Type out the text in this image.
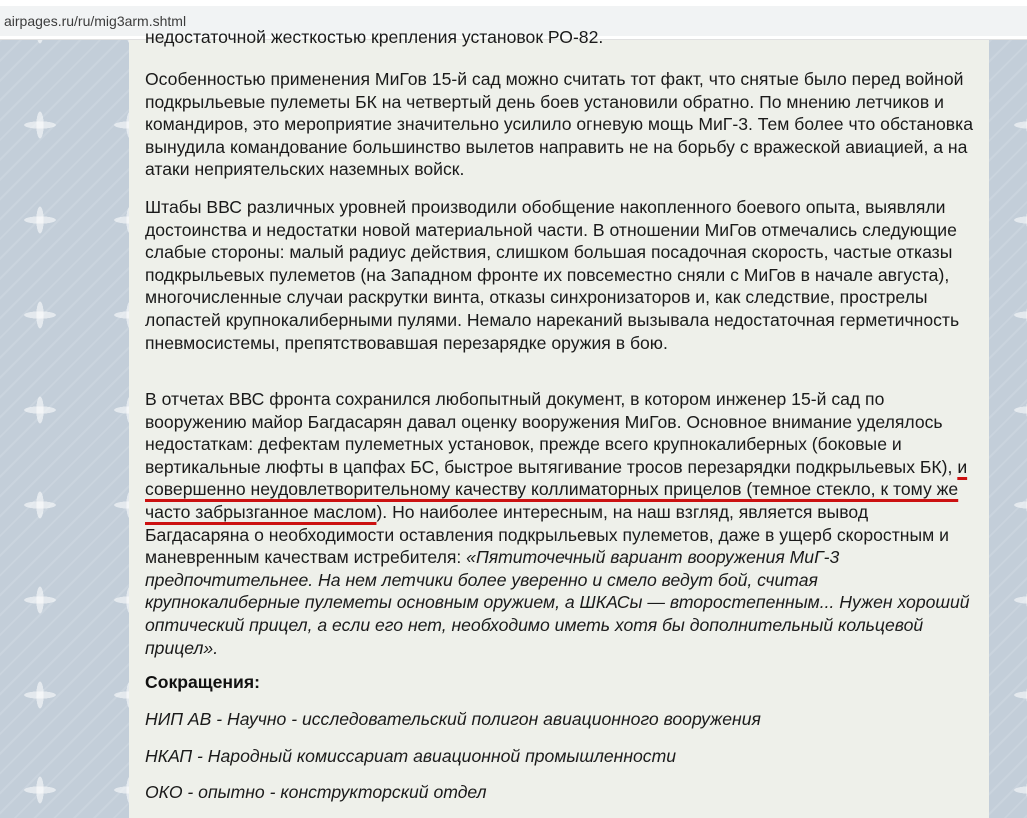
airpages.ru/ru/mig3arm.shtml
недостаточной жесткостью крепления установок РО-82.

Особенностью применения МиГов 15-й сад можно считать тот факт, что снятые было перед войной подкрыльевые пулеметы БК на четвертый день боев установили обратно. По мнению летчиков и командиров, это мероприятие значительно усилило огневую мощь МиГ-3. Тем более что обстановка вынудила командование большинство вылетов направить не на борьбу с вражеской авиацией, а на атаки неприятельских наземных войск.

Штабы ВВС различных уровней производили обобщение накопленного боевого опыта, выявляли достоинства и недостатки новой материальной части. В отношении МиГов отмечались следующие слабые стороны: малый радиус действия, слишком большая посадочная скорость, частые отказы подкрыльевых пулеметов (на Западном фронте их повсеместно сняли с МиГов в начале августа), многочисленные случаи раскрутки винта, отказы синхронизаторов и, как следствие, прострелы лопастей крупнокалиберными пулями. Немало нареканий вызывала недостаточная герметичность пневмосистемы, препятствовавшая перезарядке оружия в бою.

В отчетах ВВС фронта сохранился любопытный документ, в котором инженер 15-й сад по вооружению майор Багдасарян давал оценку вооружения МиГов. Основное внимание уделялось недостаткам: дефектам пулеметных установок, прежде всего крупнокалиберных (боковые и вертикальные люфты в цапфах БС, быстрое вытягивание тросов перезарядки подкрыльевых БК), и совершенно неудовлетворительному качеству коллиматорных прицелов (темное стекло, к тому же часто забрызганное маслом). Но наиболее интересным, на наш взгляд, является вывод Багдасаряна о необходимости оставления подкрыльевых пулеметов, даже в ущерб скоростным и маневренным качествам истребителя: «Пятиточечный вариант вооружения МиГ-3 предпочтительнее. На нем летчики более уверенно и смело ведут бой, считая крупнокалиберные пулеметы основным оружием, а ШКАСы — второстепенным... Нужен хороший оптический прицел, а если его нет, необходимо иметь хотя бы дополнительный кольцевой прицел».

Сокращения:
НИП АВ - Научно - исследовательский полигон авиационного вооружения
НКАП - Народный комиссариат авиационной промышленности
ОКО - опытно - конструкторский отдел
